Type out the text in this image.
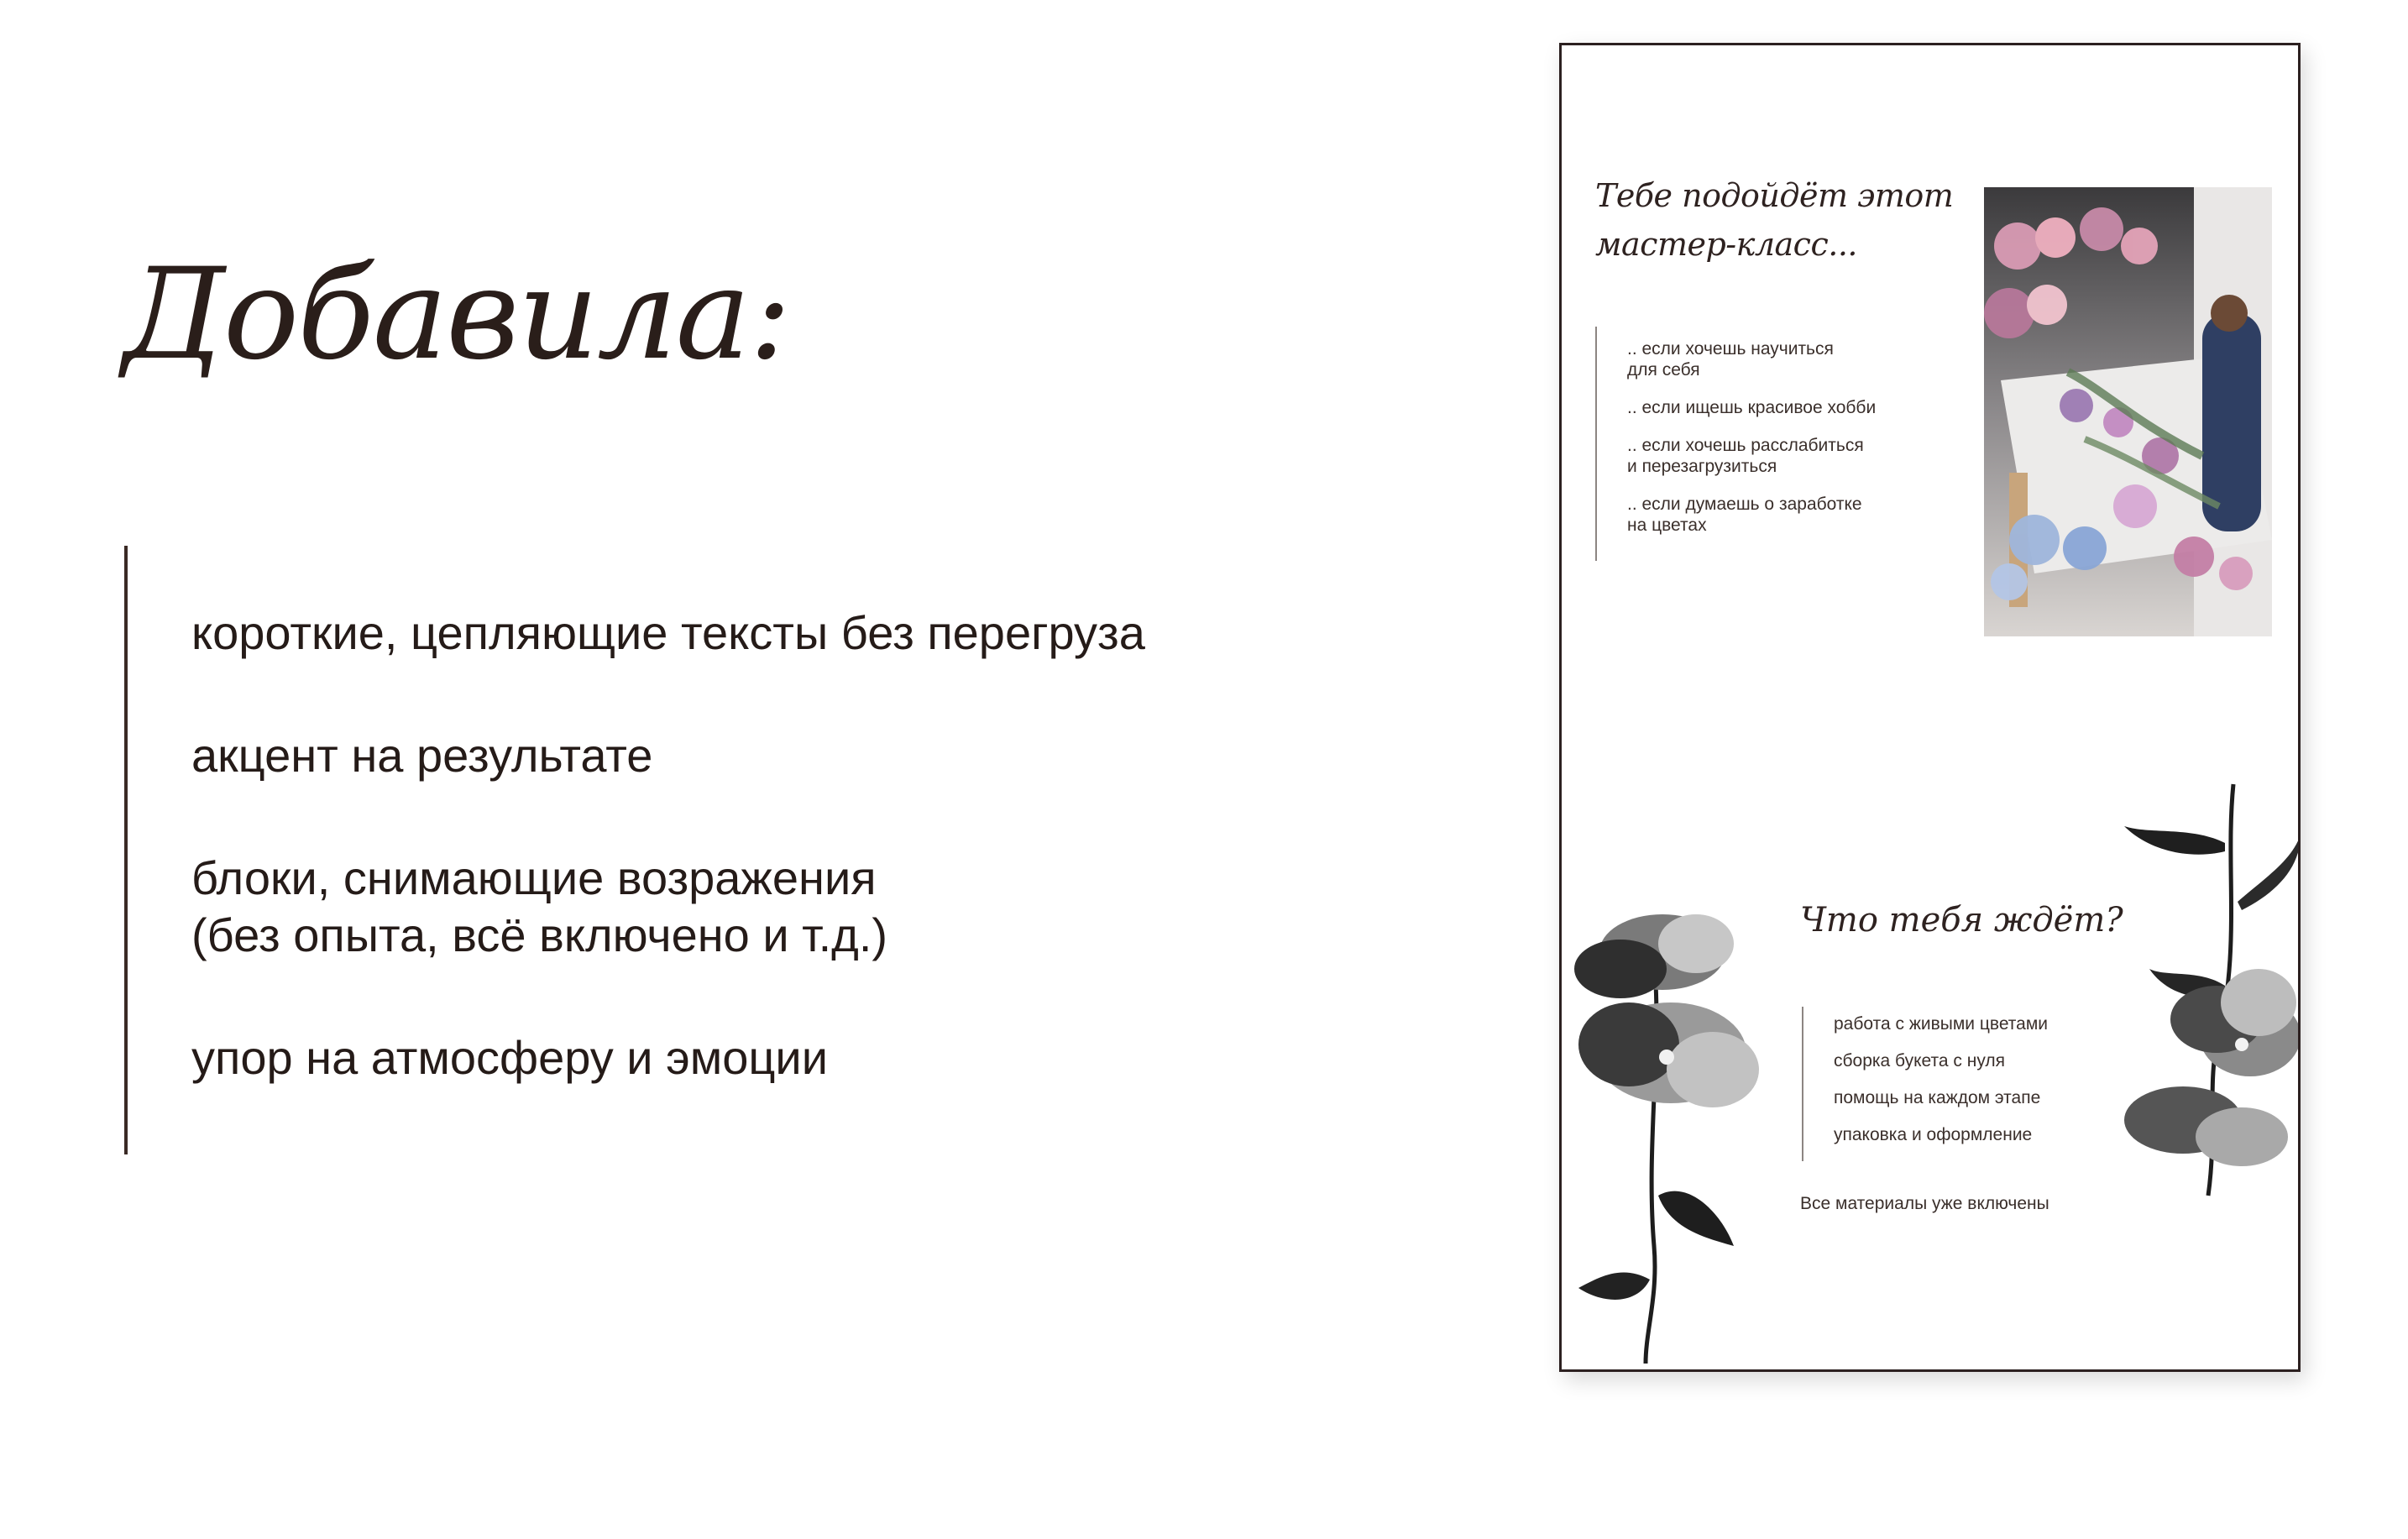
Добавила:
короткие, цепляющие тексты без перегруза
акцент на результате
блоки, снимающие возражения
(без опыта, всё включено и т.д.)
упор на атмосферу и эмоции
Тебе подойдёт этот
мастер-класс...
.. если хочешь научиться
для себя
.. если ищешь красивое хобби
.. если хочешь расслабиться
и перезагрузиться
.. если думаешь о заработке
на цветах
Что тебя ждёт?
работа с живыми цветами
сборка букета с нуля
помощь на каждом этапе
упаковка и оформление
Все материалы уже включены
